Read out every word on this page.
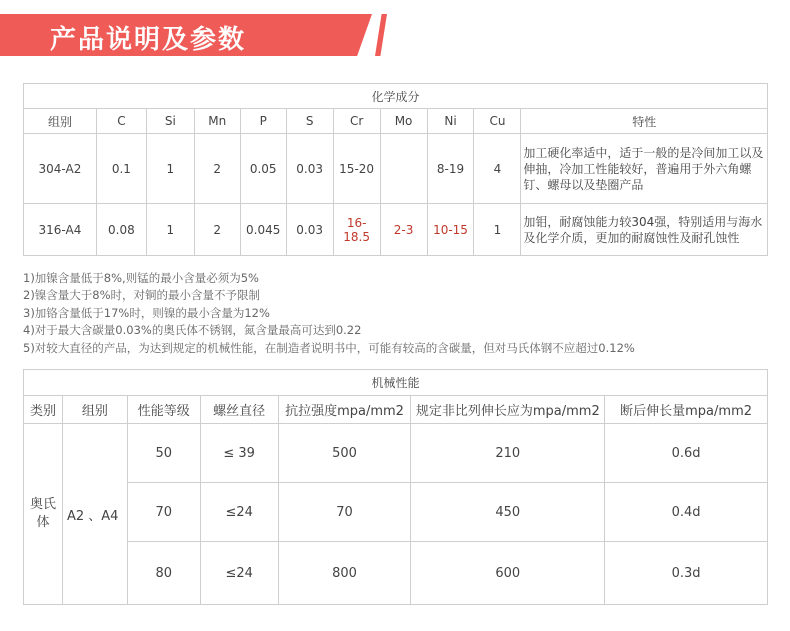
产品说明及参数
化学成分										
组别	C	Si	Mn	P	S	Cr	Mo	Ni	Cu	特性
304-A2	0.1	1	2	0.05	0.03	15-20		8-19	4	加工硬化率适中，适于一般的是冷间加工以及伸抽，冷加工性能较好，普遍用于外六角螺钉、螺母以及垫圈产品
316-A4	0.08	1	2	0.045	0.03	16-18.5	2-3	10-15	1	加钼，耐腐蚀能力较304强，特别适用与海水及化学介质，更加的耐腐蚀性及耐孔蚀性
1)加镍含量低于8%,则锰的最小含量必须为5%
2)镍含量大于8%时，对铜的最小含量不予限制
3)加铬含量低于17%时，则镍的最小含量为12%
4)对于最大含碳量0.03%的奥氏体不锈钢，氮含量最高可达到0.22
5)对较大直径的产品，为达到规定的机械性能，在制造者说明书中，可能有较高的含碳量，但对马氏体钢不应超过0.12%
机械性能						
类别	组别	性能等级	螺丝直径	抗拉强度mpa/mm2	规定非比列伸长应为mpa/mm2	断后伸长量mpa/mm2
奥氏体	A2 、A4	50	≤ 39	500	210	0.6d
		70	≤24	70	450	0.4d
		80	≤24	800	600	0.3d
